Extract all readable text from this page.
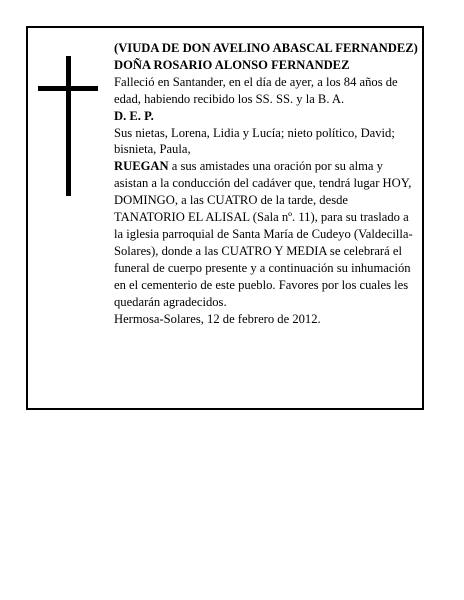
(VIUDA DE DON AVELINO ABASCAL FERNANDEZ)

DOÑA ROSARIO ALONSO FERNANDEZ

Falleció en Santander, en el día de ayer, a los 84 años de edad, habiendo recibido los SS. SS. y la B. A.

D. E. P.

Sus nietas, Lorena, Lidia y Lucía; nieto político, David; bisnieta, Paula,

RUEGAN a sus amistades una oración por su alma y asistan a la conducción del cadáver que, tendrá lugar HOY, DOMINGO, a las CUATRO de la tarde, desde TANATORIO EL ALISAL (Sala nº. 11), para su traslado a la iglesia parroquial de Santa María de Cudeyo (Valdecilla-Solares), donde a las CUATRO Y MEDIA se celebrará el funeral de cuerpo presente y a continuación su inhumación en el cementerio de este pueblo. Favores por los cuales les quedarán agradecidos.

Hermosa-Solares, 12 de febrero de 2012.
